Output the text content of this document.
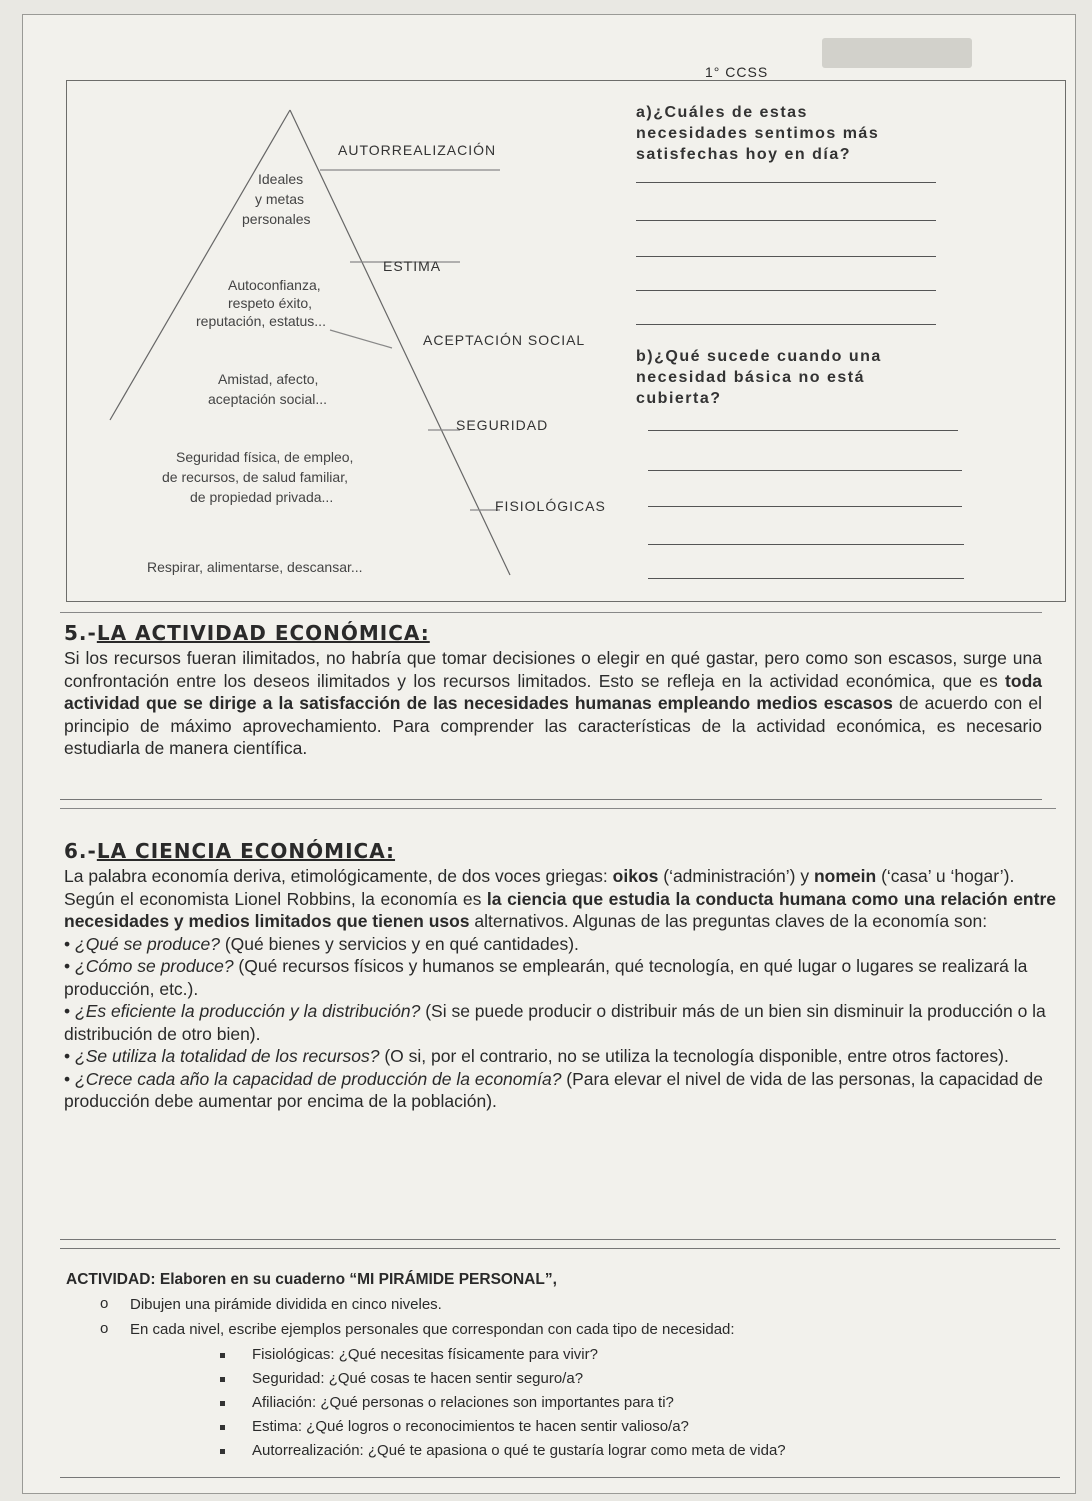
1° CCSS
AUTORREALIZACIÓN
Ideales
y metas
personales
ESTIMA
Autoconfianza,
respeto éxito,
reputación, estatus...
ACEPTACIÓN SOCIAL
Amistad, afecto,
aceptación social...
SEGURIDAD
Seguridad física, de empleo,
de recursos, de salud familiar,
de propiedad privada...
FISIOLÓGICAS
Respirar, alimentarse, descansar...
a)¿Cuáles de estas
necesidades sentimos más
satisfechas hoy en día?
b)¿Qué sucede cuando una
necesidad básica no está
cubierta?
5.-LA ACTIVIDAD ECONÓMICA:

Si los recursos fueran ilimitados, no habría que tomar decisiones o elegir en qué gastar, pero como son escasos, surge una confrontación entre los deseos ilimitados y los recursos limitados. Esto se refleja en la actividad económica, que es toda actividad que se dirige a la satisfacción de las necesidades humanas empleando medios escasos de acuerdo con el principio de máximo aprovechamiento. Para comprender las características de la actividad económica, es necesario estudiarla de manera científica.

6.-LA CIENCIA ECONÓMICA:

La palabra economía deriva, etimológicamente, de dos voces griegas: oikos (‘administración’) y nomein (‘casa’ u ‘hogar’).

Según el economista Lionel Robbins, la economía es la ciencia que estudia la conducta humana como una relación entre necesidades y medios limitados que tienen usos alternativos. Algunas de las preguntas claves de la economía son:

• ¿Qué se produce? (Qué bienes y servicios y en qué cantidades).
• ¿Cómo se produce? (Qué recursos físicos y humanos se emplearán, qué tecnología, en qué lugar o lugares se realizará la producción, etc.).
• ¿Es eficiente la producción y la distribución? (Si se puede producir o distribuir más de un bien sin disminuir la producción o la distribución de otro bien).
• ¿Se utiliza la totalidad de los recursos? (O si, por el contrario, no se utiliza la tecnología disponible, entre otros factores).
• ¿Crece cada año la capacidad de producción de la economía? (Para elevar el nivel de vida de las personas, la capacidad de producción debe aumentar por encima de la población).
ACTIVIDAD: Elaboren en su cuaderno “MI PIRÁMIDE PERSONAL”,
o Dibujen una pirámide dividida en cinco niveles.
o En cada nivel, escribe ejemplos personales que correspondan con cada tipo de necesidad:
Fisiológicas: ¿Qué necesitas físicamente para vivir?
Seguridad: ¿Qué cosas te hacen sentir seguro/a?
Afiliación: ¿Qué personas o relaciones son importantes para ti?
Estima: ¿Qué logros o reconocimientos te hacen sentir valioso/a?
Autorrealización: ¿Qué te apasiona o qué te gustaría lograr como meta de vida?
